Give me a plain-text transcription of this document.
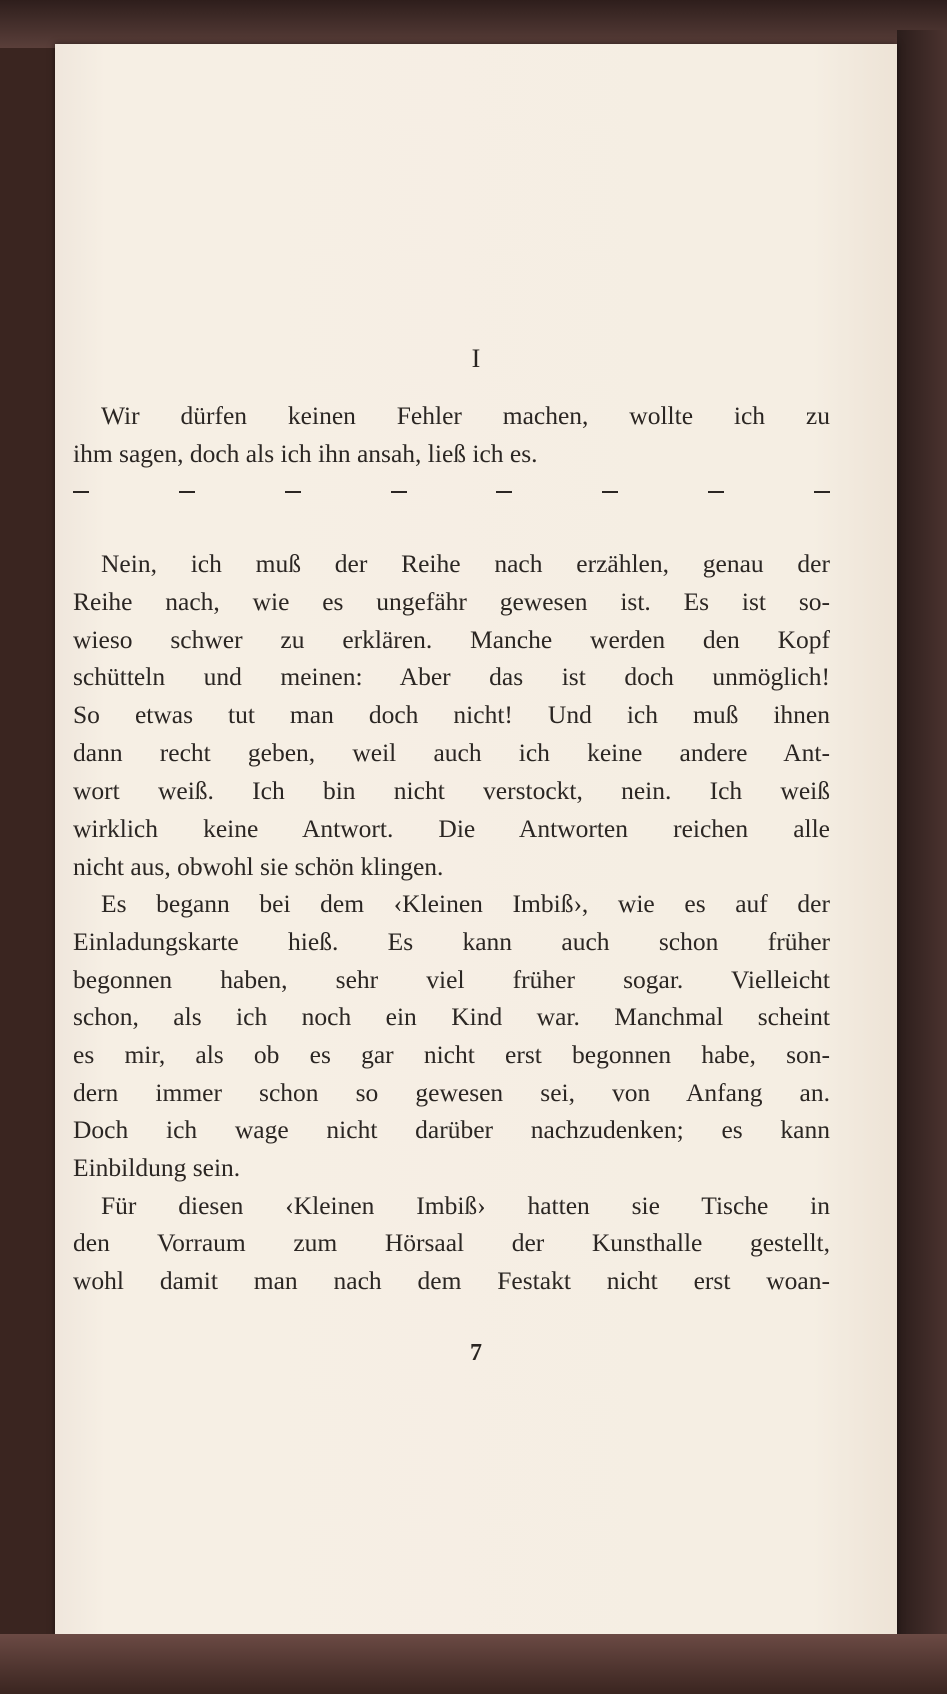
I
Wir dürfen keinen Fehler machen, wollte ich zu
ihm sagen, doch als ich ihn ansah, ließ ich es.
Nein, ich muß der Reihe nach erzählen, genau der
Reihe nach, wie es ungefähr gewesen ist. Es ist so-
wieso schwer zu erklären. Manche werden den Kopf
schütteln und meinen: Aber das ist doch unmöglich!
So etwas tut man doch nicht! Und ich muß ihnen
dann recht geben, weil auch ich keine andere Ant-
wort weiß. Ich bin nicht verstockt, nein. Ich weiß
wirklich keine Antwort. Die Antworten reichen alle
nicht aus, obwohl sie schön klingen.
Es begann bei dem ‹Kleinen Imbiß›, wie es auf der
Einladungskarte hieß. Es kann auch schon früher
begonnen haben, sehr viel früher sogar. Vielleicht
schon, als ich noch ein Kind war. Manchmal scheint
es mir, als ob es gar nicht erst begonnen habe, son-
dern immer schon so gewesen sei, von Anfang an.
Doch ich wage nicht darüber nachzudenken; es kann
Einbildung sein.
Für diesen ‹Kleinen Imbiß› hatten sie Tische in
den Vorraum zum Hörsaal der Kunsthalle gestellt,
wohl damit man nach dem Festakt nicht erst woan-
7
